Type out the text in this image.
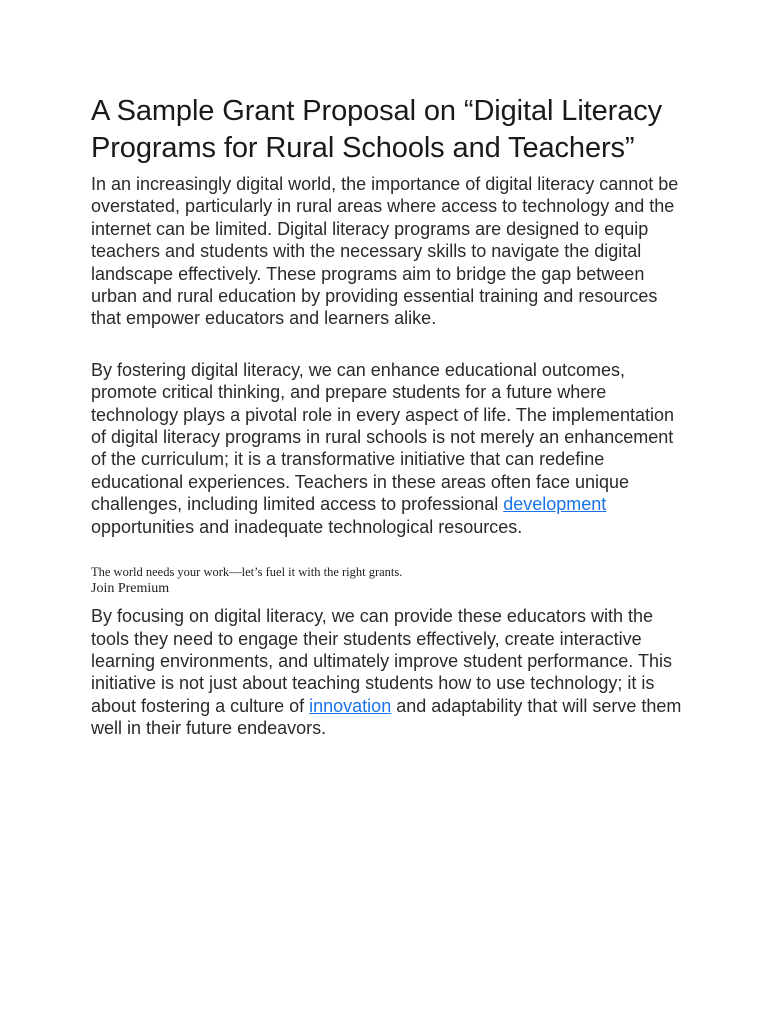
A Sample Grant Proposal on “Digital Literacy Programs for Rural Schools and Teachers”

In an increasingly digital world, the importance of digital literacy cannot be overstated, particularly in rural areas where access to technology and the internet can be limited. Digital literacy programs are designed to equip teachers and students with the necessary skills to navigate the digital landscape effectively. These programs aim to bridge the gap between urban and rural education by providing essential training and resources that empower educators and learners alike.

By fostering digital literacy, we can enhance educational outcomes, promote critical thinking, and prepare students for a future where technology plays a pivotal role in every aspect of life. The implementation of digital literacy programs in rural schools is not merely an enhancement of the curriculum; it is a transformative initiative that can redefine educational experiences. Teachers in these areas often face unique challenges, including limited access to professional development opportunities and inadequate technological resources.

The world needs your work—let’s fuel it with the right grants.

Join Premium

By focusing on digital literacy, we can provide these educators with the tools they need to engage their students effectively, create interactive learning environments, and ultimately improve student performance. This initiative is not just about teaching students how to use technology; it is about fostering a culture of innovation and adaptability that will serve them well in their future endeavors.
